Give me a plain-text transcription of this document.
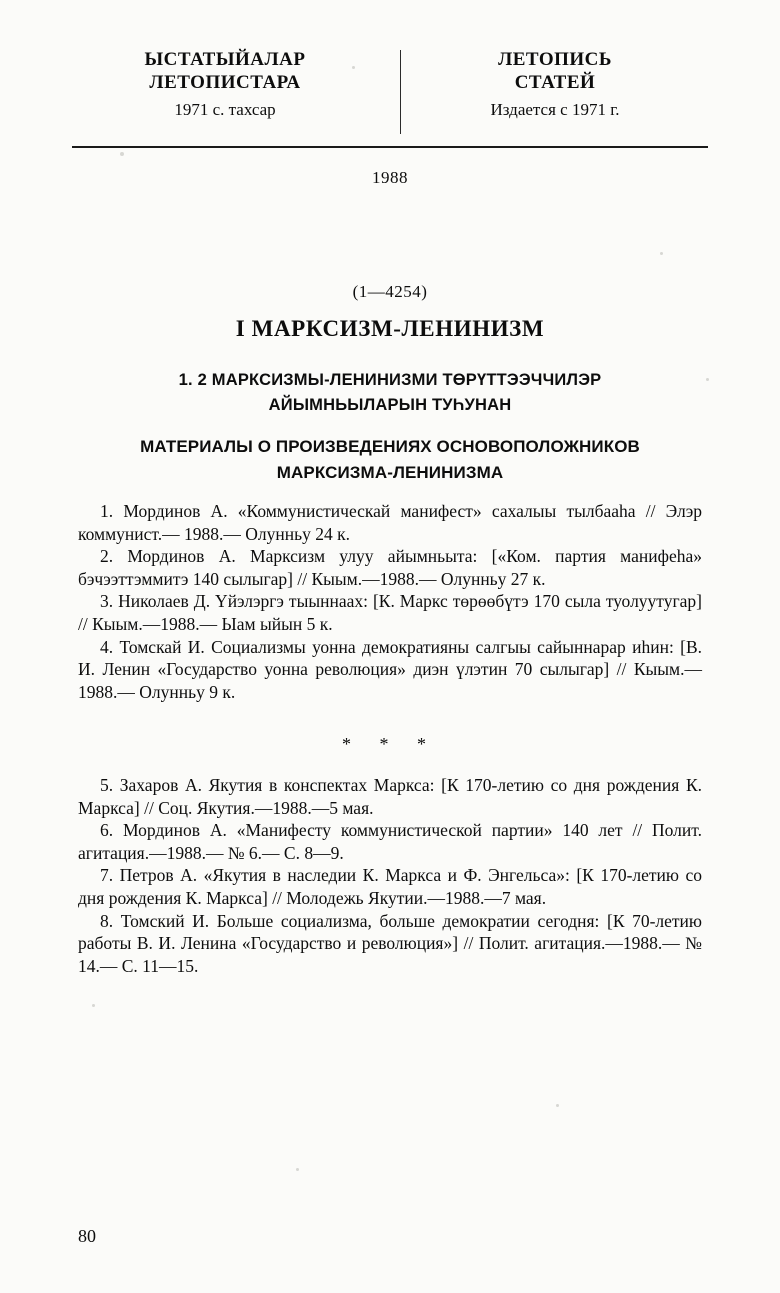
ЫСТАТЫЙАЛАР
ЛЕТОПИСТАРА
1971 с. тахсар
ЛЕТОПИСЬ
СТАТЕЙ
Издается с 1971 г.
1988
(1—4254)
I МАРКСИЗМ-ЛЕНИНИЗМ
1. 2 МАРКСИЗМЫ-ЛЕНИНИЗМИ ТӨРҮТТЭЭЧЧИЛЭР
АЙЫМНЬЫЛАРЫН ТУҺУНАН
МАТЕРИАЛЫ О ПРОИЗВЕДЕНИЯХ ОСНОВОПОЛОЖНИКОВ
МАРКСИЗМА-ЛЕНИНИЗМА

1. Мординов А. «Коммунистическай манифест» сахалыы тылбааһа // Элэр коммунист.— 1988.— Олунньу 24 к.

2. Мординов А. Марксизм улуу айымньыта: [«Ком. партия манифеһа» бэчээттэммитэ 140 сылыгар] // Кыым.—1988.— Олунньу 27 к.

3. Николаев Д. Үйэлэргэ тыыннаах: [К. Маркс төрөөбүтэ 170 сыла туолуутугар] // Кыым.—1988.— Ыам ыйын 5 к.

4. Томскай И. Социализмы уонна демократияны салгыы сайыннарар иһин: [В. И. Ленин «Государство уонна революция» диэн үлэтин 70 сылыгар] // Кыым.—1988.— Олунньу 9 к.

* * *

5. Захаров А. Якутия в конспектах Маркса: [К 170-летию со дня рождения К. Маркса] // Соц. Якутия.—1988.—5 мая.

6. Мординов А. «Манифесту коммунистической партии» 140 лет // Полит. агитация.—1988.— № 6.— С. 8—9.

7. Петров А. «Якутия в наследии К. Маркса и Ф. Энгельса»: [К 170-летию со дня рождения К. Маркса] // Молодежь Якутии.—1988.—7 мая.

8. Томский И. Больше социализма, больше демократии сегодня: [К 70-летию работы В. И. Ленина «Государство и революция»] // Полит. агитация.—1988.— № 14.— С. 11—15.

80
